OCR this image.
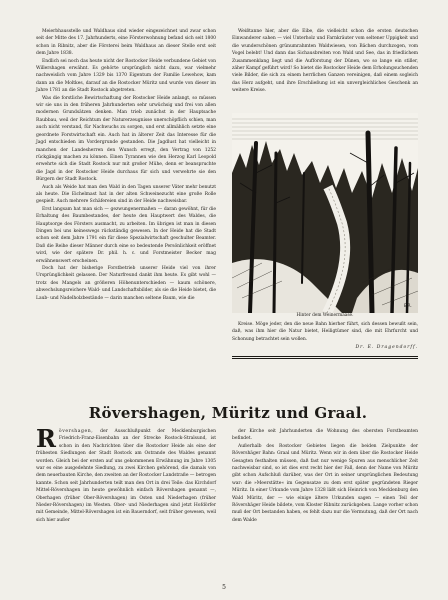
Meierbhausstelle und Waldhaus sind wieder eingezeichnet und zwar schon seit der Mitte des 17. Jahrhunderts, eine Försterwohnung befand sich seit 1800 schon in Ribnitz, aber die Försterei beim Waldhaus an dieser Stelle erst seit dem Jahre 1838.

Endlich sei noch das heute nicht der Rostocker Heide verbundene Gebiet von Willershagen erwähnt. Es gehörte ursprünglich nicht dazu, war vielmehr nachweislich vom Jahre 1329 bis 1370 Eigentum der Familie Lewehow, kam dann an die Moltkes, darauf an die Rostocker Müritz und wurde von dieser im Jahre 1781 an die Stadt Rostock abgetreten.

Was die forstliche Bewirtschaftung der Rostocker Heide anlangt, so müssen wir sie uns in den früheren Jahrhunderten sehr urwüchsig und frei von allen modernen Grundsätzen denken. Man trieb zunächst in der Hauptsache Raubbau, weil der Reichtum der Naturerzeugnisse unerschöpflich schien, man auch nicht verstand, für Nachwuchs zu sorgen, und erst allmählich setzte eine geordnete Forstwirtschaft ein. Auch hat in älterer Zeit das Interesse für die Jagd entschieden im Vordergrunde gestanden. Die Jagdlust hat vielleicht in manchen der Landesherren den Wunsch erregt, den Vertrag von 1252 rückgängig machen zu können. Einen Tyrannen wie den Herzog Karl Leopold erwehrte sich die Stadt Rostock nur mit großer Mühe, denn er beanspruchte die Jagd in der Rostocker Heide durchaus für sich und verwehrte sie den Bürgern der Stadt Rostock.

Auch als Weide hat man den Wald in den Tagen unserer Väter mehr benutzt als heute. Die Eichelmast hat in der alten Schweinezucht eine große Rolle gespielt. Auch mehrere Schäfereien sind in der Heide nachweisbar.

Erst langsam hat man sich — gezwungenermaßen — daran gewöhnt, für die Erhaltung des Baumbestandes, der heute den Hauptwert des Waldes, die Hauptsorge des Försters ausmacht, zu arbeiten. Im übrigen ist man in diesen Dingen bei uns keineswegs rückständig gewesen. In der Heide hat die Stadt schon seit dem Jahre 1791 ein für diese Spezialwirtschaft geschulter Beamter. Daß die Reihe dieser Männer durch eine so bedeutende Persönlichkeit eröffnet wird, wie der spätere Dr. phil. h. c. und Forstmeister Becker mag erwähnenswert erscheinen.

Doch hat der bisherige Forstbetrieb unserer Heide viel von ihrer Ursprünglichkeit gelassen. Der Naturfreund dankt ihm heute. Es gibt wohl — trotz des Mangels an größeren Höhenunterschieden — kaum schönere, abwechslungsreichere Wald- und Landschaftsbilder, als sie die Heide bietet, die Laub- und Nadelholzbestände — darin manchen seltene Baum, wie die

Weißtanne hier, aber die Eibe, die vielleicht schon die ersten deutschen Einwanderer sahen — viel Unterholz und Farnkräuter vom seltener Uppigkeit und die wunderschönen grünumrahmten Waldwiesen, von Bächen durchzogen, vom Vogel belebt! Und dann das Sichausbreiten von Wald und See, das in friedlichem Zusammenklang liegt und die Aufforstung der Dünen, wo so lange ein stiller, zäher Kampf geführt wird! So bietet die Rostocker Heide dem Erholungsuchenden viele Bilder, die sich zu einem herrlichen Ganzen vereinigen, daß einem sogleich das Herz aufgeht, und ihre Erschließung ist ein unvergleichliches Geschenk an weitere Kreise.

E.R.
Hinter dem Weinermaase.

Kreise. Möge jeder, den die neue Bahn hierher führt, sich dessen bewußt sein, daß, was ihm hier die Natur bietet, Heiligtümer sind, die mit Ehrfurcht und Schonung betrachtet sein wollen.

Dr. E. Dragendorff.
Rövershagen, Müritz und Graal.

Rövershagen, der Ausschlußpunkt der Mecklenburgischen Friedrich-Franz-Eisenbahn an der Strecke Rostock-Stralsund, ist schon in den Nachrichten über die Rostocker Heide als eine der frühesten Siedlungen der Stadt Rostock am Ostrande des Waldes genannt worden. Gleich bei der ersten auf uns gekommenen Erwähnung im Jahre 1305 war es eine ausgedehnte Siedlung, zu zwei Kirchen gehörend, die damals von dem neuerbauten Kirche, den zweiten an der Rostocker Landstraße — betrogen kannte. Schon seit Jahrhunderten teilt man den Ort in drei Teile: das Kirchdorf Mittel-Rövershagen im heute gewöhnlich einfach Rövershagen genannt —, Oberhagen (früher Ober-Rövershagen) im Osten und Niederhagen (früher Nieder-Rövershagen) im Westen. Ober- und Niederhagen sind jetzt Hofdörfer mit Gemeinde, Mittel-Rövershagen ist ein Bauerndorf, seit früher gewesen, weil sich hier außer

der Kirche seit Jahrhunderten die Wohnung des obersten Forstbeamten befindet.

Außerhalb des Rostocker Gebietes liegen die beiden Zielpunkte der Rövershäger Bahn: Graal und Müritz. Wenn wir in dem über die Rostocker Heide Gesagten festhalten müssen, daß fast nur wenige Spuren aus menschlicher Zeit nachweisbar sind, so ist dies erst recht hier der Fall, denn der Name von Müritz gibt schon Aufschluß darüber, was der Ort in seiner ursprünglichen Bedeutung war: die »Meerstätte« im Gegensatze zu dem erst später gegründeten Rieger Müritz. In einer Urkunde vom Jahre 1328 läßt sich Heinrich von Mecklenburg den Wald Müritz, der — wie einige ältere Urkunden sagen — einen Teil der Rövershäger Heide bildete, vom Kloster Ribnitz zurückgeben. Lange vorher schon muß der Ort bestanden haben, es fehlt dazu nur die Vermutung, daß der Ort nach dem Walde

5
